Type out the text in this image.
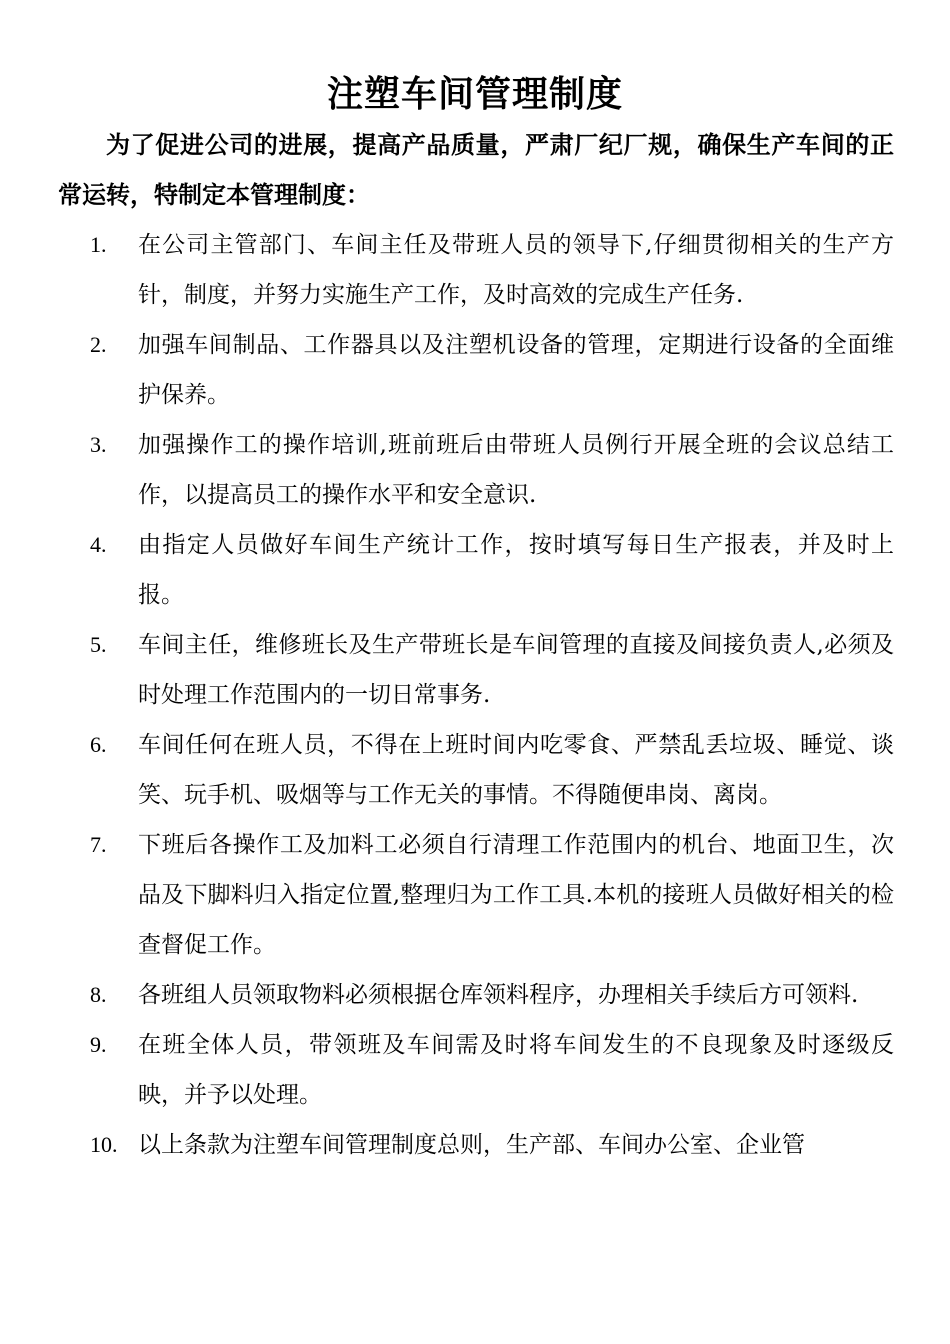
注塑车间管理制度
为了促进公司的进展，提高产品质量，严肃厂纪厂规，确保生产车间的正常运转，特制定本管理制度：
1.	在公司主管部门、车间主任及带班人员的领导下,仔细贯彻相关的生产方针，制度，并努力实施生产工作，及时高效的完成生产任务.
2.	加强车间制品、工作器具以及注塑机设备的管理，定期进行设备的全面维护保养。
3.	加强操作工的操作培训,班前班后由带班人员例行开展全班的会议总结工作，以提高员工的操作水平和安全意识.
4.	由指定人员做好车间生产统计工作，按时填写每日生产报表，并及时上报。
5.	车间主任，维修班长及生产带班长是车间管理的直接及间接负责人,必须及时处理工作范围内的一切日常事务.
6.	车间任何在班人员，不得在上班时间内吃零食、严禁乱丢垃圾、睡觉、谈笑、玩手机、吸烟等与工作无关的事情。不得随便串岗、离岗。
7.	下班后各操作工及加料工必须自行清理工作范围内的机台、地面卫生，次品及下脚料归入指定位置,整理归为工作工具.本机的接班人员做好相关的检查督促工作。
8.	各班组人员领取物料必须根据仓库领料程序，办理相关手续后方可领料.
9.	在班全体人员，带领班及车间需及时将车间发生的不良现象及时逐级反映，并予以处理。
10. 以上条款为注塑车间管理制度总则，生产部、车间办公室、企业管
